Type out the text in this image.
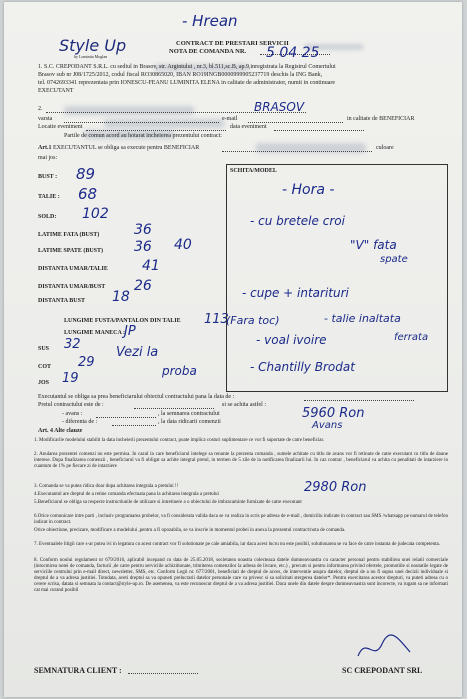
Style Up
by Luminita Moglan
- Hrean
CONTRACT DE PRESTARI SERVICII
NOTA DE COMANDA NR. 5 04 25
1. S.C. CREPODANT S.R.L. cu sediul in Brasov, str. Argintului , nr.3, bl.511,sc.B, ap.9,inregistrata la Registrul Comertului
Brasov sub nr J08/1725/2012, codul fiscal RO30865020, IBAN RO19INGB0000999905237719 deschis la ING Bank,
tel. 0742693341 reprezentata prin IONESCU-FEANU LUMINITA ELENA in calitate de administrator, numit in continuare
EXECUTANT
2.	BRASOV
varsta	e-mail	in calitate de BENEFICIAR
Locatie eveniment	data eveniment
Partile de comun acord au hotarat incheierea prezentului contract:
Art.1 EXECUTANTUL se obliga sa execute pentru BENEFICIAR	culoare
mai jos:
BUST : 89
TALIE : 68
SOLD: 102
LATIME FATA (BUST) 36
LATIME SPATE (BUST) 36 40
DISTANTA UMAR/TALIE 41
DISTANTA UMAR/BUST 26
DISTANTA BUST 18
LUNGIME FUSTA/PANTALON DIN TALIE 113
LUNGIME MANECA : JP
SUS 32
COT 29
JOS 19
Vezi la
proba
SCHITA/MODEL
- Hora -
- cu bretele croi
"V" fata
spate
- cupe + intarituri
(Fara toc)	- talie inaltata
- voal ivoire	ferrata
- Chantilly Brodat
Executantul se obliga sa prea beneficiarului obiectul contractului pana la data de :
Pretul contractului este de :	si se achita astfel :
- avans :	, la semnarea contractului
- diferenta de :	, la data ridicarii comenzii
Art. 4 Alte clauze
5960 Ron
Avans
1. Modificarile modelului stabilit la data incheierii prezentului contract, poate implica costuri suplimentare ce vor fi suportate de catre beneficiar.
2. Anularea prezentei comenzi nu este permisa. In cazul in care beneficiarul intelege sa renunte la prezenta comanda , sumele achitate cu titlu de avans vor fi retinute de catre executant cu titlu de daune interese. Dupa finalizarea comenzii , beneficiarul va fi obligat sa achite integral pretul, in termen de 5 zile de la notificarea finalizarii lui. In caz contrar , beneficiarul va achita cu penalitati de intarziere in cuantum de 1% pe fiecare zi de intarziere
3. Comanda se va putea ridica doar dupa achitarea integrala a pretului !!
4.Executantul are dreptul de a retine comanda efectuata pana la achitarea integrala a pretului
5.Beneficiarul se obliga sa respecte instructiunile de utilizare si intretinere a o obiectului de imbracaminte furnizate de catre executant
6.Orice comunicare intre parti , inclusiv programarea probelor, va fi considerata valida daca se va realiza in scris pe adresa de e-mail , domiciliu indicate in contract sau SMS /whatsapp pe numarul de telefon indicat in contract.
Orice obiectiune, precizare, modificare a modelului ,pentru a fi opozabila, se va inscrie in momentul probei in anexa la prezentul contract/nota de comanda.
7. Eventualele litigii care s-ar putea ivi in legatura cu acest contract vor fi solutionate pe cale amiabila, iar daca acest lucru nu este posibil, solutionarea se va face de catre instanta de judecata competenta.
8. Conform noului regulament nr 679/2016, aplicabil incepand cu data de 25.05.2018, societatea noastra colecteaza datele dumneavoastra cu caracter personal pentru stabilirea unei relatii comerciale (intocmirea notei de comanda, facturii ,de catre pentru serviciile achizitionate, trimiterea comenzilor la adresa de livrare, etc.) , precum si pentru informarea privind ofertele, promotiile si noutatile legate de serviciile centrului prin e-mail direct, newsletter, SMS, etc. Conform Legii nr. 677/2001, beneficiati de dreptul de acces, de interventie asupra datelor, dreptul de a nu fi supus unei decizii individuale si dreptul de a va adresa justitiei. Totodata, aveti dreptul sa va opuneti prelucrarii datelor personale care va privesc si sa solicitati stergerea datelor*. Pentru exercitarea acestor drepturi, va puteti adresa cu o cerere scrisa, datata si semnata la contact@style-up.ro. De asemenea, va este recunoscut dreptul de a va adresa justitiei. Daca unele din datele despre dumneavoastra sunt incorecte, va rugam sa ne informati cat mai curand posibil
2980 Ron
SEMNATURA CLIENT :	SC CREPODANT SRL
